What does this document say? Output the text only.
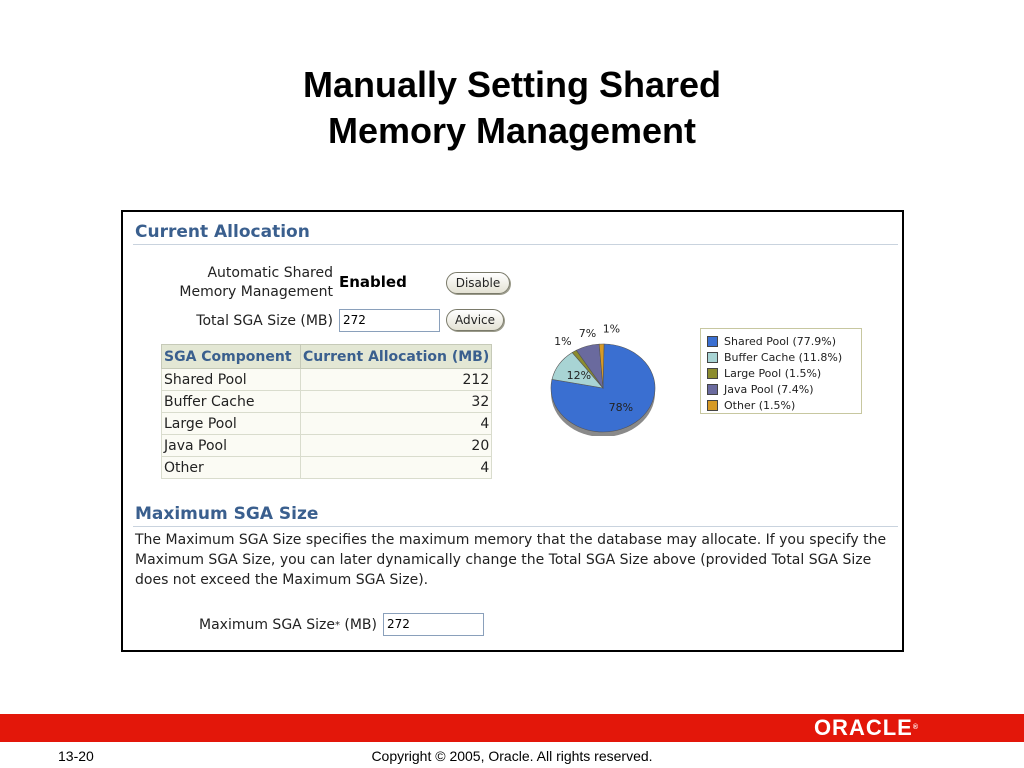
Manually Setting Shared
Memory Management
Current Allocation
Automatic Shared
Memory Management
Enabled	Disable
Total SGA Size (MB) 272	Advice
SGA Component	Current Allocation (MB)
Shared Pool	212
Buffer Cache	32
Large Pool	4
Java Pool	20
Other	4
78%
12%
1%
7% 1%
Shared Pool (77.9%)
Buffer Cache (11.8%)
Large Pool (1.5%)
Java Pool (7.4%)
Other (1.5%)
Maximum SGA Size
The Maximum SGA Size specifies the maximum memory that the database may allocate. If you specify the Maximum SGA Size, you can later dynamically change the Total SGA Size above (provided Total SGA Size does not exceed the Maximum SGA Size).
Maximum SGA Size* (MB) 272
ORACLE®
13-20	Copyright © 2005, Oracle. All rights reserved.
